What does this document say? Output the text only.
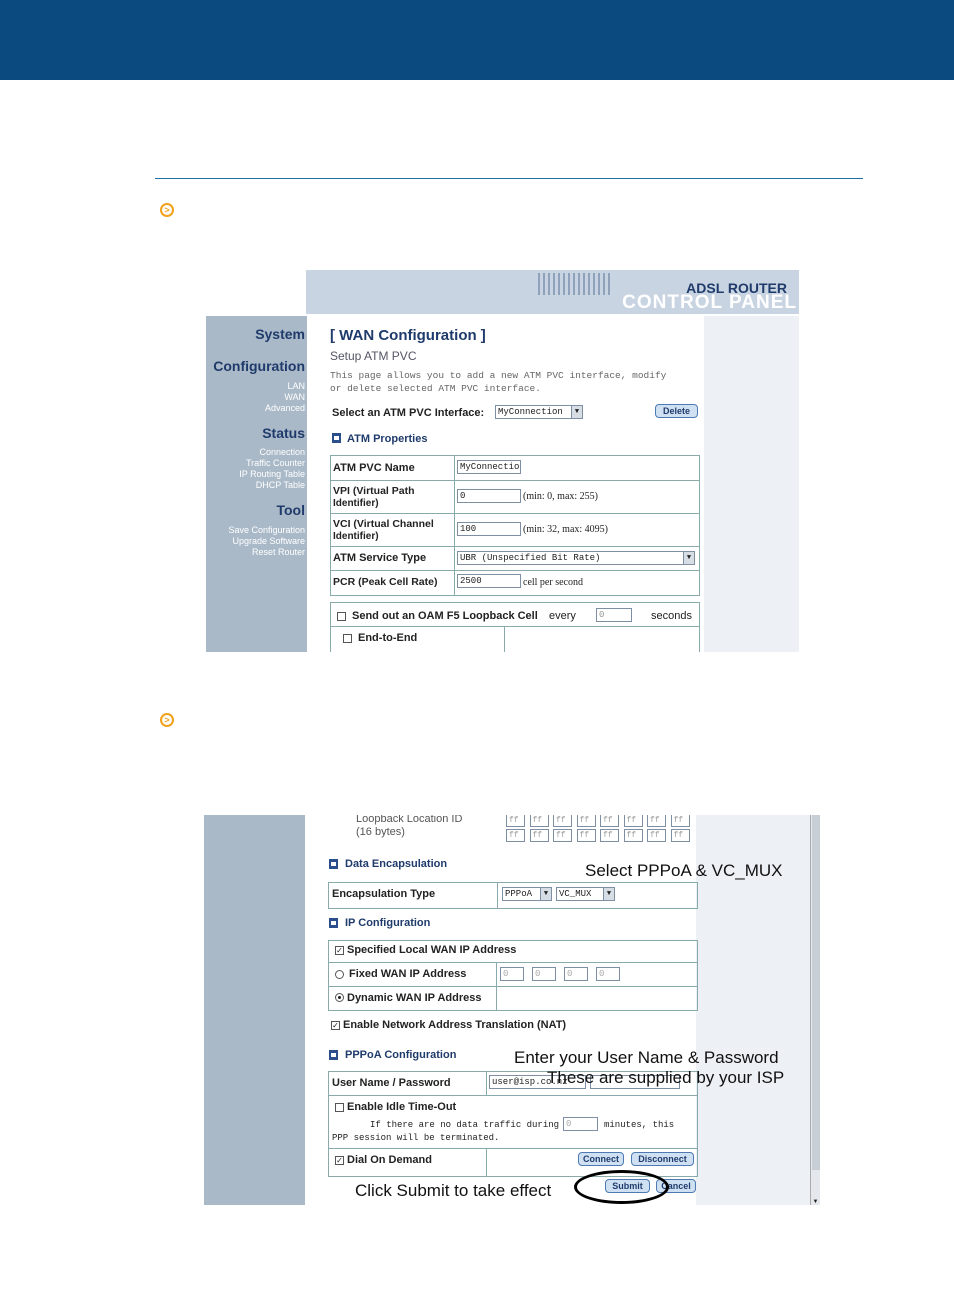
>
ADSL ROUTER
CONTROL PANEL
System
Configuration
LAN
WAN
Advanced
Status
Connection
Traffic Counter
IP Routing Table
DHCP Table
Tool
Save Configuration
Upgrade Software
Reset Router
[ WAN Configuration ]
Setup ATM PVC
This page allows you to add a new ATM PVC interface, modify
or delete selected ATM PVC interface.
Select an ATM PVC Interface:	MyConnection	▼	Delete
ATM Properties
ATM PVC Name	MyConnectio
VPI (Virtual Path
Identifier)
0	(min: 0, max: 255)
VCI (Virtual Channel
Identifier)
100	(min: 32, max: 4095)
ATM Service Type	UBR (Unspecified Bit Rate)	▼
PCR (Peak Cell Rate)	2500	cell per second
Send out an OAM F5 Loopback Cell every	0	seconds
End-to-End
>
▼
Loopback Location ID
(16 bytes)
Data Encapsulation	Select PPPoA & VC_MUX
Encapsulation Type	PPPoA	▼	VC_MUX	▼
IP Configuration
✓ Specified Local WAN IP Address
Fixed WAN IP Address	0	0	0	0
Dynamic WAN IP Address
✓ Enable Network Address Translation (NAT)
PPPoA Configuration	Enter your User Name & Password
User Name / Password	user@isp.co.nz
These are supplied by your ISP
Enable Idle Time-Out
If there are no data traffic during 0	minutes, this
PPP session will be terminated.
✓ Dial On Demand	Connect	Disconnect
Click Submit to take effect	Submit	Cancel
ff	ff	ff	ff	ff	ff	ff	ff
ff	ff	ff	ff	ff	ff	ff	ff
